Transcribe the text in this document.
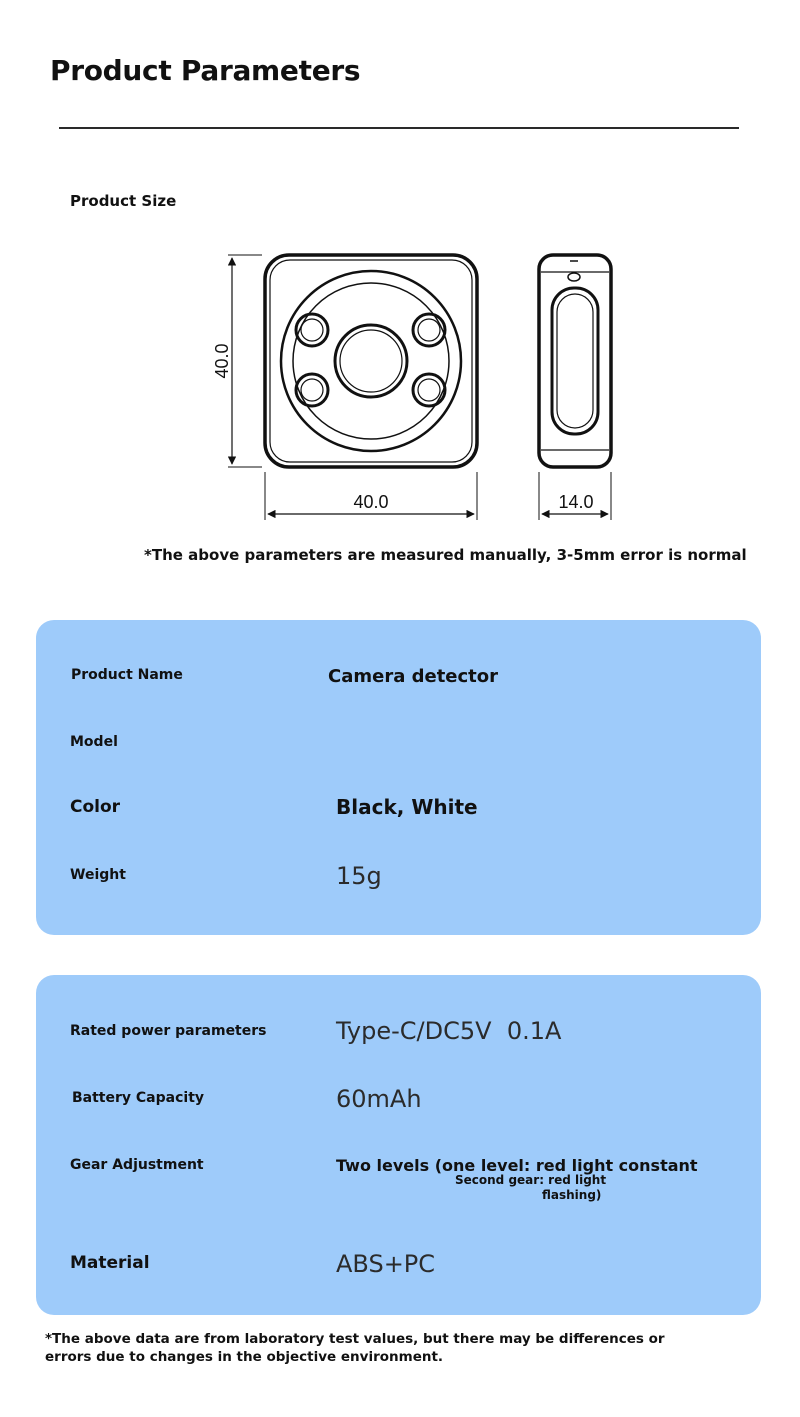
Product Parameters
Product Size
40.0
40.0	14.0
*The above parameters are measured manually, 3-5mm error is normal
Product Name	Camera detector
Model
Color	Black, White
Weight	15g
Rated power parameters	Type-C/DC5V  0.1A
Battery Capacity	60mAh
Gear Adjustment	Two levels (one level: red light constant
Second gear: red light
flashing)
Material	ABS+PC
*The above data are from laboratory test values, but there may be differences or errors due to changes in the objective environment.
